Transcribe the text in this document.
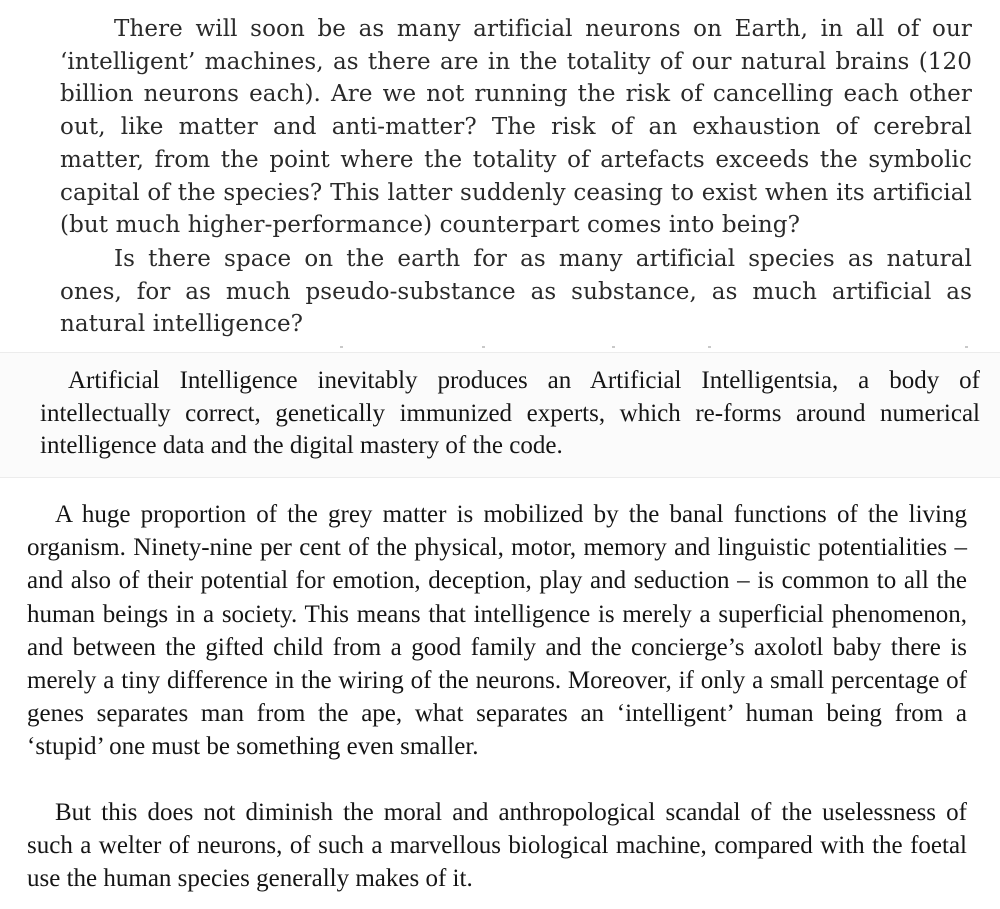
There will soon be as many artificial neurons on Earth, in all of our ‘intelligent’ machines, as there are in the totality of our natural brains (120 billion neurons each). Are we not running the risk of cancelling each other out, like matter and anti-matter? The risk of an exhaustion of cerebral matter, from the point where the totality of artefacts exceeds the symbolic capital of the species? This latter suddenly ceasing to exist when its artificial (but much higher-performance) counterpart comes into being?

Is there space on the earth for as many artificial species as natural ones, for as much pseudo-substance as substance, as much artificial as natural intelligence?

Artificial Intelligence inevitably produces an Artificial Intelligentsia, a body of intellectually correct, genetically immunized experts, which re-forms around numerical intelligence data and the digital mastery of the code.

A huge proportion of the grey matter is mobilized by the banal functions of the living organism. Ninety-nine per cent of the physical, motor, memory and linguistic potentialities – and also of their potential for emotion, deception, play and seduction – is common to all the human beings in a society. This means that intelligence is merely a superficial phenomenon, and between the gifted child from a good family and the concierge’s axolotl baby there is merely a tiny difference in the wiring of the neurons. Moreover, if only a small percentage of genes separates man from the ape, what separates an ‘intelligent’ human being from a ‘stupid’ one must be something even smaller.

But this does not diminish the moral and anthropological scandal of the uselessness of such a welter of neurons, of such a marvellous biological machine, compared with the foetal use the human species generally makes of it.
